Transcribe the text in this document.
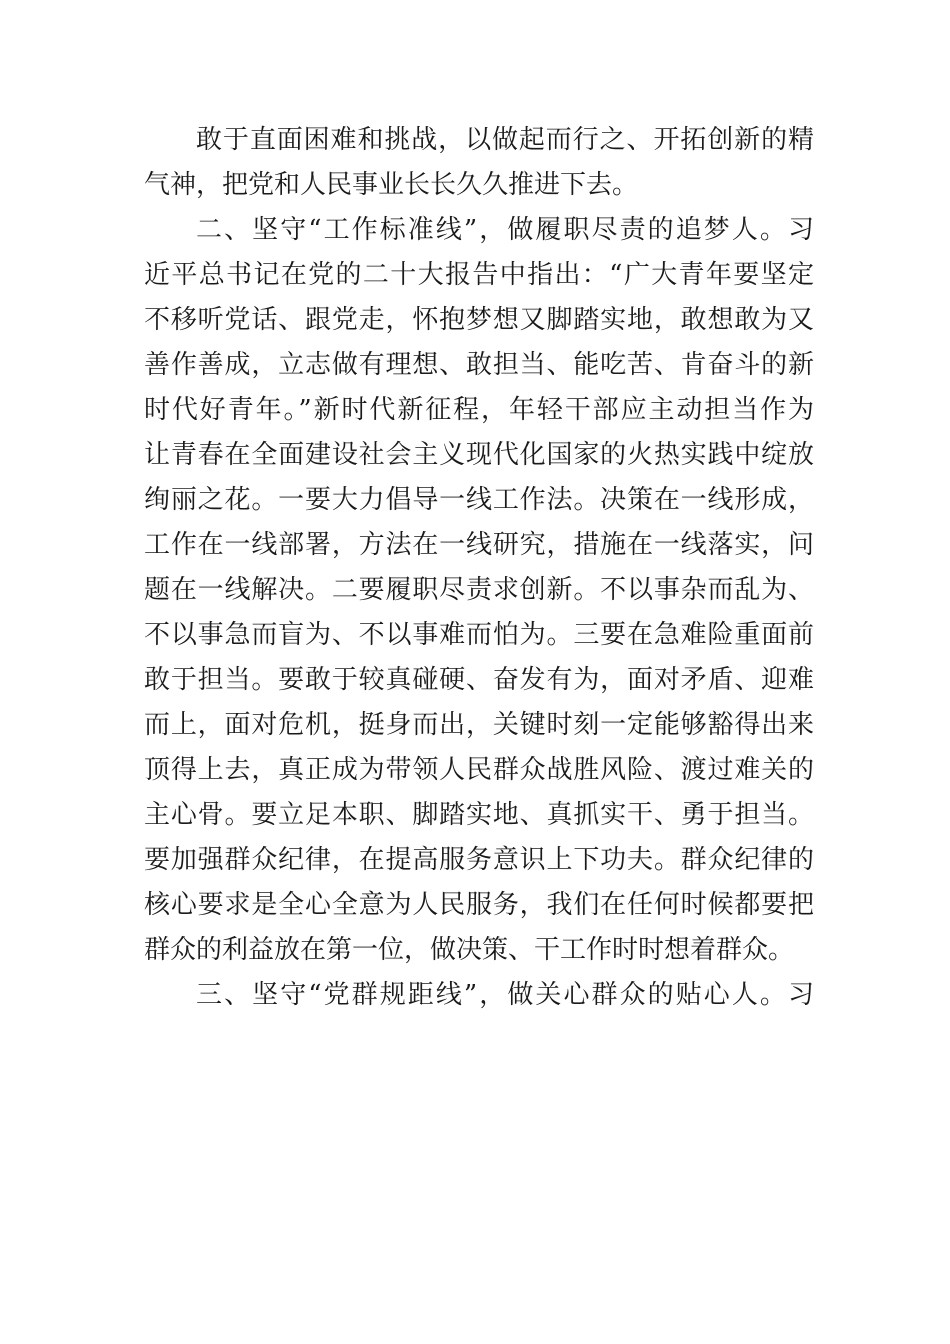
敢于直面困难和挑战，以做起而行之、开拓创新的精
气神，把党和人民事业长长久久推进下去。
二、坚守“工作标准线”，做履职尽责的追梦人。习
近平总书记在党的二十大报告中指出：“广大青年要坚定
不移听党话、跟党走，怀抱梦想又脚踏实地，敢想敢为又
善作善成，立志做有理想、敢担当、能吃苦、肯奋斗的新
时代好青年。”新时代新征程，年轻干部应主动担当作为
让青春在全面建设社会主义现代化国家的火热实践中绽放
绚丽之花。一要大力倡导一线工作法。决策在一线形成，
工作在一线部署，方法在一线研究，措施在一线落实，问
题在一线解决。二要履职尽责求创新。不以事杂而乱为、
不以事急而盲为、不以事难而怕为。三要在急难险重面前
敢于担当。要敢于较真碰硬、奋发有为，面对矛盾、迎难
而上，面对危机，挺身而出，关键时刻一定能够豁得出来
顶得上去，真正成为带领人民群众战胜风险、渡过难关的
主心骨。要立足本职、脚踏实地、真抓实干、勇于担当。
要加强群众纪律，在提高服务意识上下功夫。群众纪律的
核心要求是全心全意为人民服务，我们在任何时候都要把
群众的利益放在第一位，做决策、干工作时时想着群众。
三、坚守“党群规距线”，做关心群众的贴心人。习
